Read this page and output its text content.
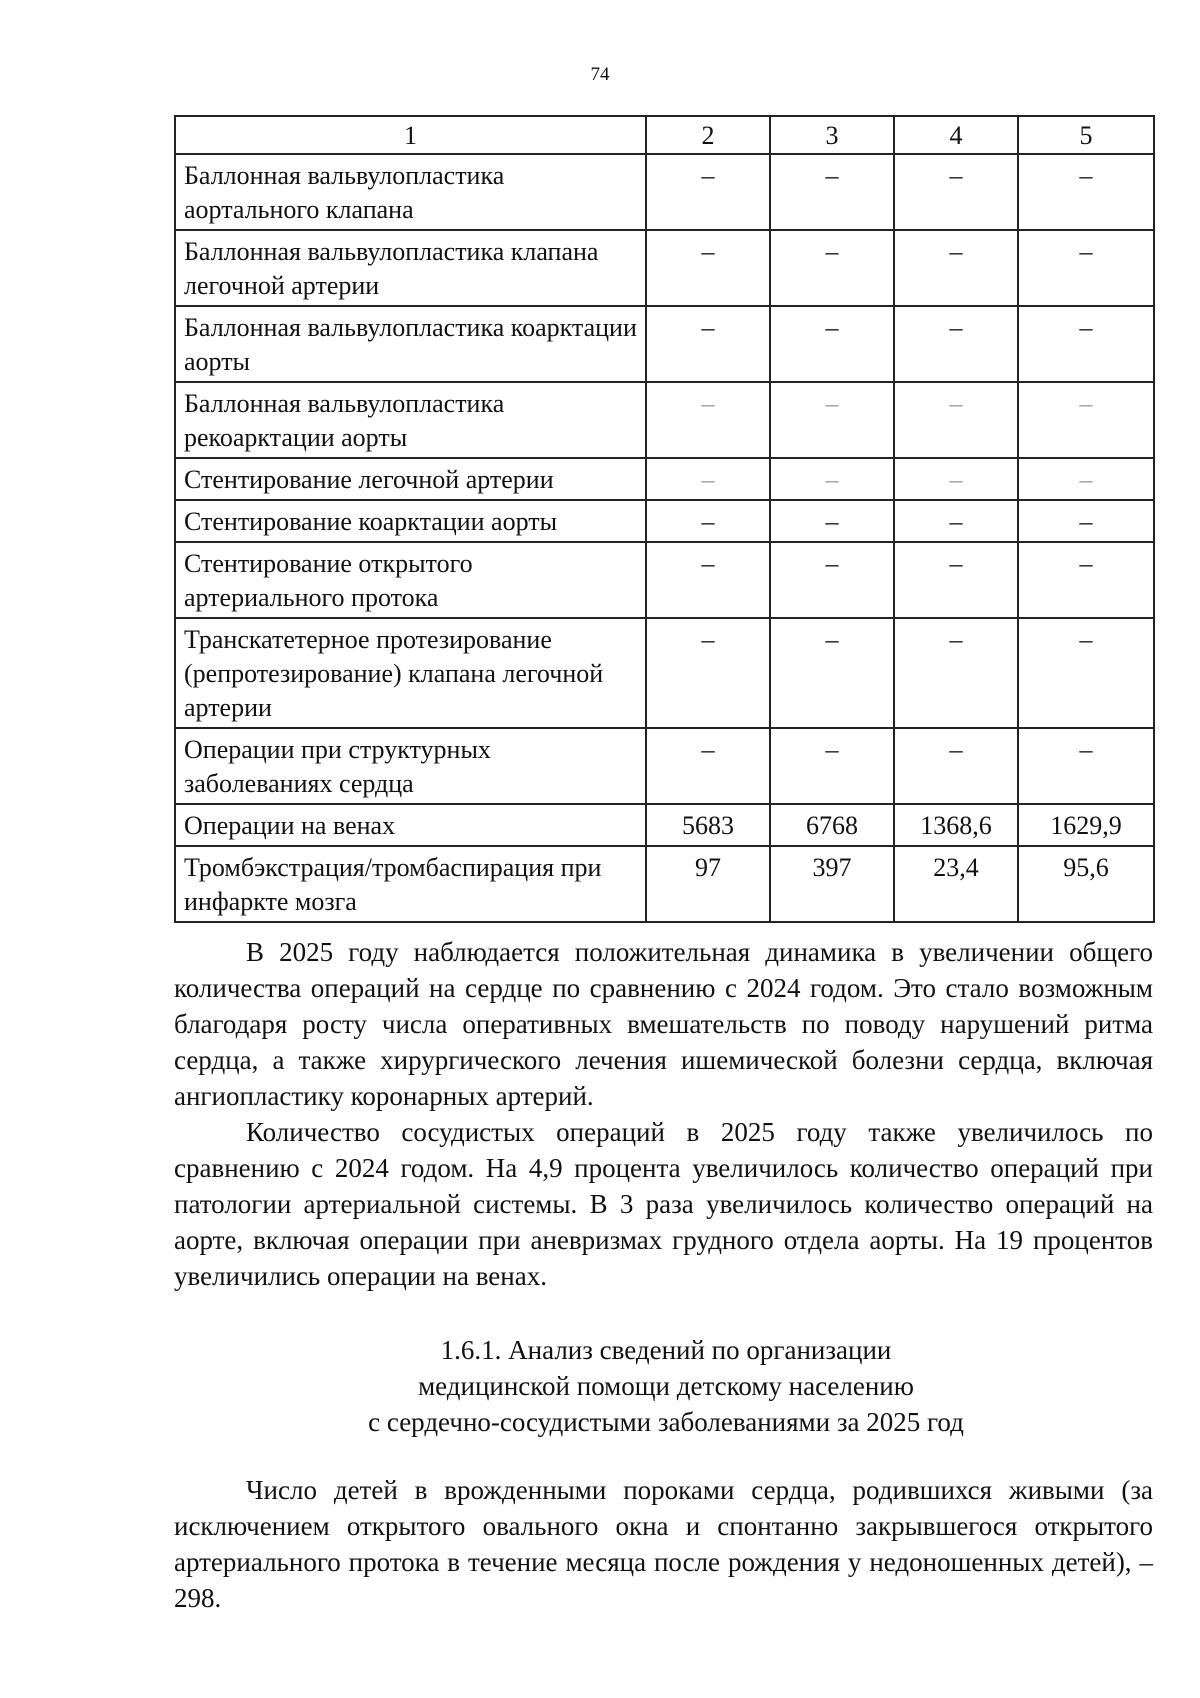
74
1	2	3	4	5
Баллонная вальвулопластика аортального клапана	–	–	–	–
Баллонная вальвулопластика клапана легочной артерии	–	–	–	–
Баллонная вальвулопластика коарктации аорты	–	–	–	–
Баллонная вальвулопластика рекоарктации аорты	–	–	–	–
Стентирование легочной артерии	–	–	–	–
Стентирование коарктации аорты	–	–	–	–
Стентирование открытого артериального протока	–	–	–	–
Транскатетерное протезирование (репротезирование) клапана легочной артерии	–	–	–	–
Операции при структурных заболеваниях сердца	–	–	–	–
Операции на венах	5683	6768	1368,6	1629,9
Тромбэкстрация/тромбаспирация при инфаркте мозга	97	397	23,4	95,6

В 2025 году наблюдается положительная динамика в увеличении общего количества операций на сердце по сравнению с 2024 годом. Это стало возможным благодаря росту числа оперативных вмешательств по поводу нарушений ритма сердца, а также хирургического лечения ишемической болезни сердца, включая ангиопластику коронарных артерий.

Количество сосудистых операций в 2025 году также увеличилось по сравнению с 2024 годом. На 4,9 процента увеличилось количество операций при патологии артериальной системы. В 3 раза увеличилось количество операций на аорте, включая операции при аневризмах грудного отдела аорты. На 19 процентов увеличились операции на венах.

1.6.1. Анализ сведений по организации
медицинской помощи детскому населению
с сердечно-сосудистыми заболеваниями за 2025 год

Число детей в врожденными пороками сердца, родившихся живыми (за исключением открытого овального окна и спонтанно закрывшегося открытого артериального протока в течение месяца после рождения у недоношенных детей), – 298.
